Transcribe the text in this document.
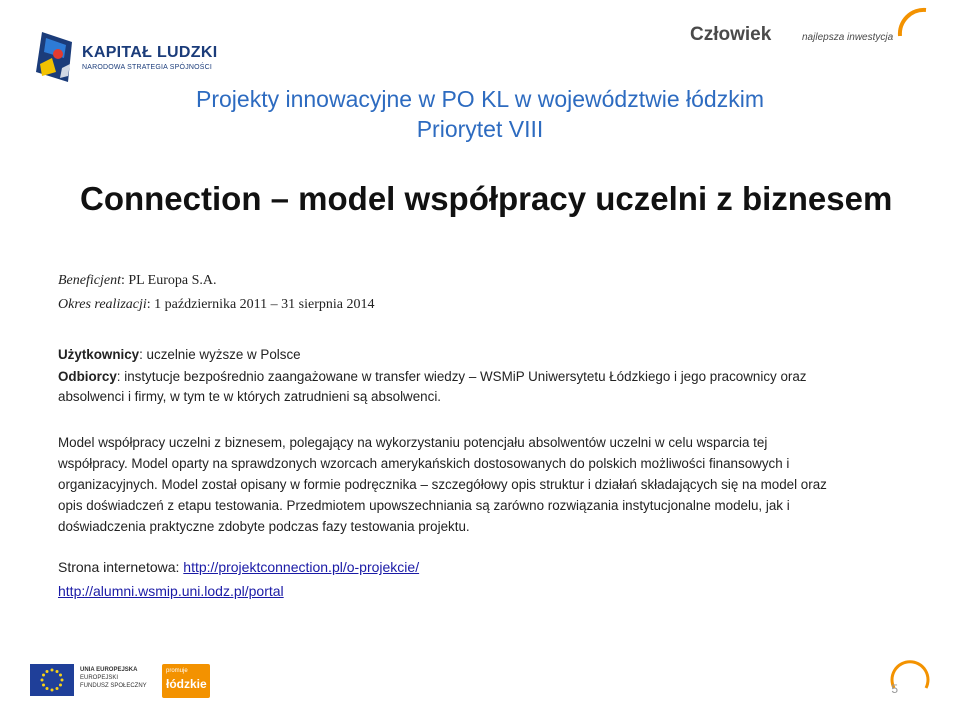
KAPITAŁ LUDZKI
NARODOWA STRATEGIA SPÓJNOŚCI
Człowiek	najlepsza inwestycja
Projekty innowacyjne w PO KL w województwie łódzkim
Priorytet VIII
Connection – model współpracy uczelni z biznesem
Beneficjent: PL Europa S.A.
Okres realizacji: 1 października 2011 – 31 sierpnia 2014
Użytkownicy: uczelnie wyższe w Polsce
Odbiorcy: instytucje bezpośrednio zaangażowane w transfer wiedzy – WSMiP Uniwersytetu Łódzkiego i jego pracownicy oraz
absolwenci i firmy, w tym te w których zatrudnieni są absolwenci.
Model współpracy uczelni z biznesem, polegający na wykorzystaniu potencjału absolwentów uczelni w celu wsparcia tej
współpracy. Model oparty na sprawdzonych wzorcach amerykańskich dostosowanych do polskich możliwości finansowych i
organizacyjnych. Model został opisany w formie podręcznika – szczegółowy opis struktur i działań składających się na model oraz
opis doświadczeń z etapu testowania. Przedmiotem upowszechniania są zarówno rozwiązania instytucjonalne modelu, jak i
doświadczenia praktyczne zdobyte podczas fazy testowania projektu.
Strona internetowa: http://projektconnection.pl/o-projekcie/
http://alumni.wsmip.uni.lodz.pl/portal
UNIA EUROPEJSKA
EUROPEJSKI
FUNDUSZ SPOŁECZNY
promuje
łódzkie	5
